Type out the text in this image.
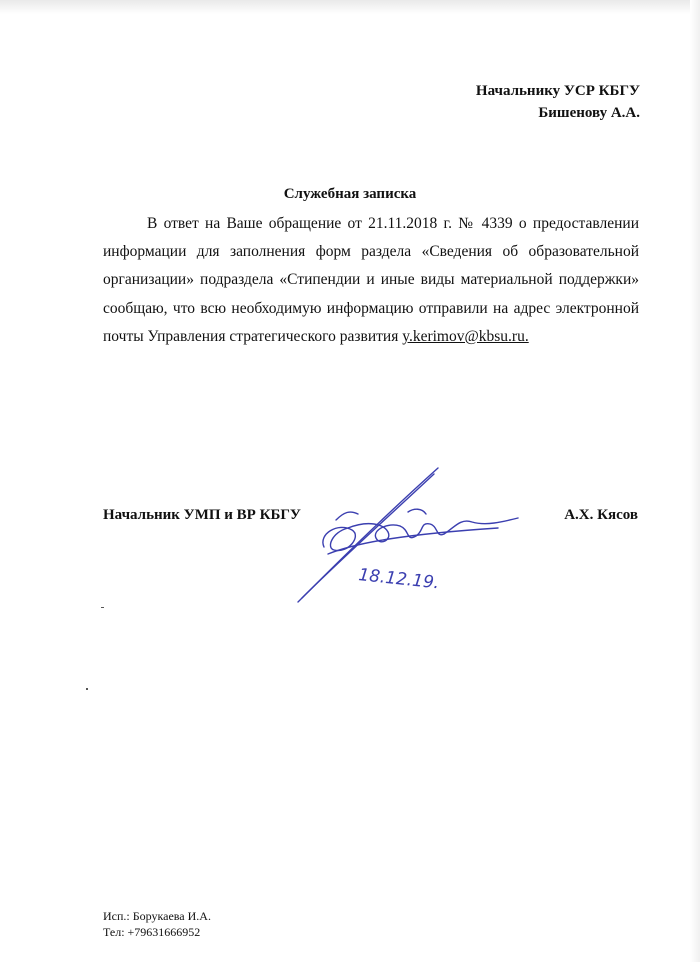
Начальнику УСР КБГУ
Бишенову А.А.
Служебная записка
В ответ на Ваше обращение от 21.11.2018 г. № 4339 о предоставлении информации для заполнения форм раздела «Сведения об образовательной организации» подраздела «Стипендии и иные виды материальной поддержки» сообщаю, что всю необходимую информацию отправили на адрес электронной почты Управления стратегического развития y.kerimov@kbsu.ru.
Начальник УМП и ВР КБГУ
18.12.19.
А.Х. Кясов
Исп.: Борукаева И.А.
Тел: +79631666952
